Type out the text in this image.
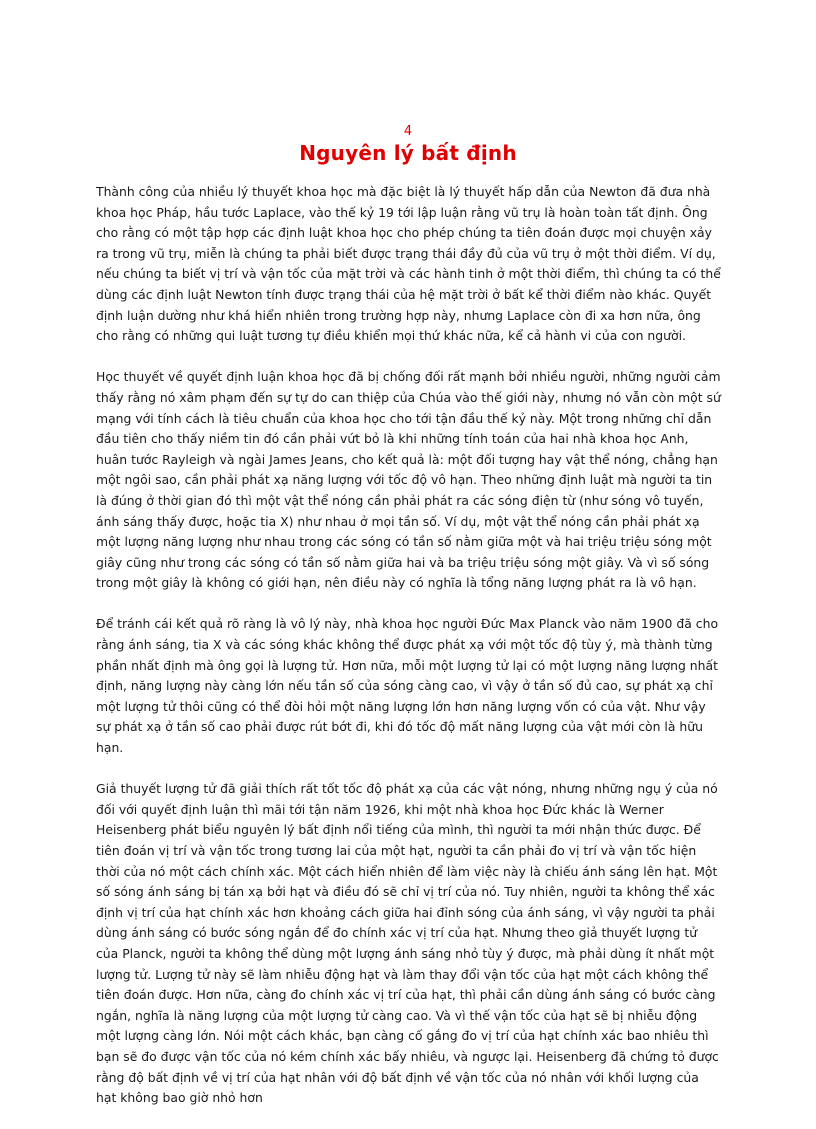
4
Nguyên lý bất định

Thành công của nhiều lý thuyết khoa học mà đặc biệt là lý thuyết hấp dẫn của Newton đã đưa nhà khoa học Pháp, hầu tước Laplace, vào thế kỷ 19 tới lập luận rằng vũ trụ là hoàn toàn tất định. Ông cho rằng có một tập hợp các định luật khoa học cho phép chúng ta tiên đoán được mọi chuyện xảy ra trong vũ trụ, miễn là chúng ta phải biết được trạng thái đầy đủ của vũ trụ ở một thời điểm. Ví dụ, nếu chúng ta biết vị trí và vận tốc của mặt trời và các hành tinh ở một thời điểm, thì chúng ta có thể dùng các định luật Newton tính được trạng thái của hệ mặt trời ở bất kể thời điểm nào khác. Quyết định luận dường như khá hiển nhiên trong trường hợp này, nhưng Laplace còn đi xa hơn nữa, ông cho rằng có những qui luật tương tự điều khiển mọi thứ khác nữa, kể cả hành vi của con người.

Học thuyết về quyết định luận khoa học đã bị chống đối rất mạnh bởi nhiều người, những người cảm thấy rằng nó xâm phạm đến sự tự do can thiệp của Chúa vào thế giới này, nhưng nó vẫn còn một sứ mạng với tính cách là tiêu chuẩn của khoa học cho tới tận đầu thế kỷ này. Một trong những chỉ dẫn đầu tiên cho thấy niềm tin đó cần phải vứt bỏ là khi những tính toán của hai nhà khoa học Anh, huân tước Rayleigh và ngài James Jeans, cho kết quả là: một đối tượng hay vật thể nóng, chẳng hạn một ngôi sao, cần phải phát xạ năng lượng với tốc độ vô hạn. Theo những định luật mà người ta tin là đúng ở thời gian đó thì một vật thể nóng cần phải phát ra các sóng điện từ (như sóng vô tuyến, ánh sáng thấy được, hoặc tia X) như nhau ở mọi tần số. Ví dụ, một vật thể nóng cần phải phát xạ một lượng năng lượng như nhau trong các sóng có tần số nằm giữa một và hai triệu triệu sóng một giây cũng như trong các sóng có tần số nằm giữa hai và ba triệu triệu sóng một giây. Và vì số sóng trong một giây là không có giới hạn, nên điều này có nghĩa là tổng năng lượng phát ra là vô hạn.

Để tránh cái kết quả rõ ràng là vô lý này, nhà khoa học người Đức Max Planck vào năm 1900 đã cho rằng ánh sáng, tia X và các sóng khác không thể được phát xạ với một tốc độ tùy ý, mà thành từng phần nhất định mà ông gọi là lượng tử. Hơn nữa, mỗi một lượng tử lại có một lượng năng lượng nhất định, năng lượng này càng lớn nếu tần số của sóng càng cao, vì vậy ở tần số đủ cao, sự phát xạ chỉ một lượng tử thôi cũng có thể đòi hỏi một năng lượng lớn hơn năng lượng vốn có của vật. Như vậy sự phát xạ ở tần số cao phải được rút bớt đi, khi đó tốc độ mất năng lượng của vật mới còn là hữu hạn.

Giả thuyết lượng tử đã giải thích rất tốt tốc độ phát xạ của các vật nóng, nhưng những ngụ ý của nó đối với quyết định luận thì mãi tới tận năm 1926, khi một nhà khoa học Đức khác là Werner Heisenberg phát biểu nguyên lý bất định nổi tiếng của mình, thì người ta mới nhận thức được. Để tiên đoán vị trí và vận tốc trong tương lai của một hạt, người ta cần phải đo vị trí và vận tốc hiện thời của nó một cách chính xác. Một cách hiển nhiên để làm việc này là chiếu ánh sáng lên hạt. Một số sóng ánh sáng bị tán xạ bởi hạt và điều đó sẽ chỉ vị trí của nó. Tuy nhiên, người ta không thể xác định vị trí của hạt chính xác hơn khoảng cách giữa hai đỉnh sóng của ánh sáng, vì vậy người ta phải dùng ánh sáng có bước sóng ngắn để đo chính xác vị trí của hạt. Nhưng theo giả thuyết lượng tử của Planck, người ta không thể dùng một lượng ánh sáng nhỏ tùy ý được, mà phải dùng ít nhất một lượng tử. Lượng tử này sẽ làm nhiễu động hạt và làm thay đổi vận tốc của hạt một cách không thể tiên đoán được. Hơn nữa, càng đo chính xác vị trí của hạt, thì phải cần dùng ánh sáng có bước càng ngắn, nghĩa là năng lượng của một lượng tử càng cao. Và vì thế vận tốc của hạt sẽ bị nhiễu động một lượng càng lớn. Nói một cách khác, bạn càng cố gắng đo vị trí của hạt chính xác bao nhiêu thì bạn sẽ đo được vận tốc của nó kém chính xác bấy nhiêu, và ngược lại. Heisenberg đã chứng tỏ được rằng độ bất định về vị trí của hạt nhân với độ bất định về vận tốc của nó nhân với khối lượng của hạt không bao giờ nhỏ hơn
